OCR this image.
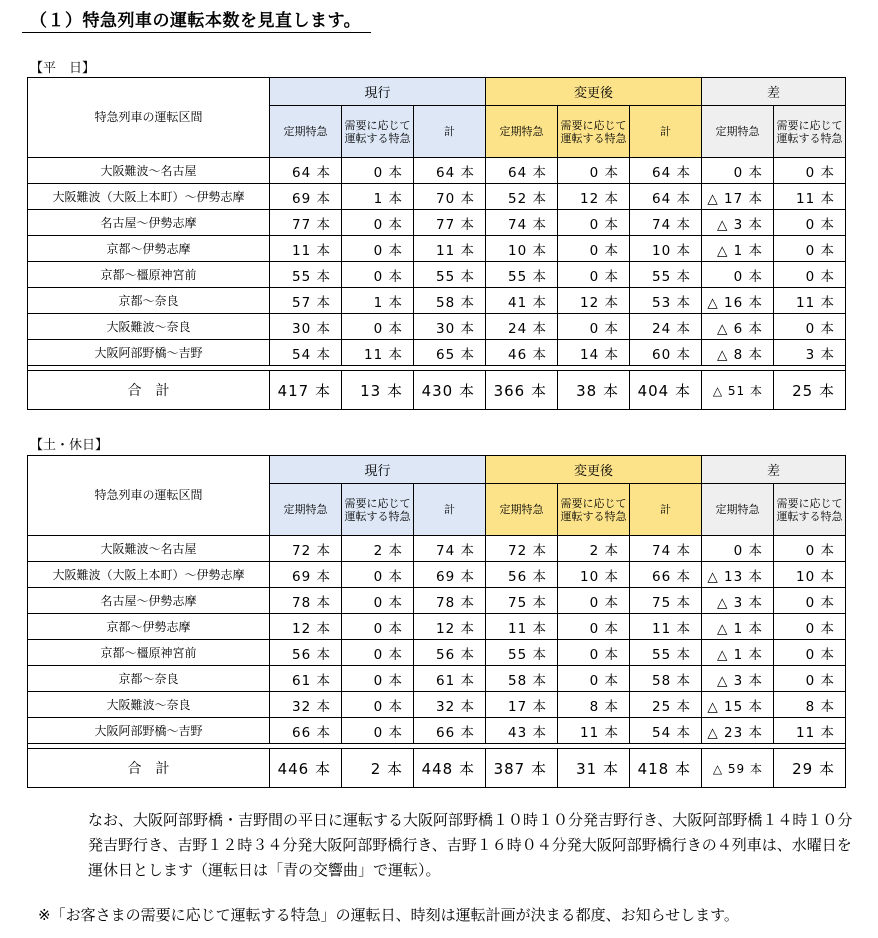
（１）特急列車の運転本数を見直します。
【平　日】
特急列車の運転区間	現行			変更後			差	
	定期特急	需要に応じて運転する特急	計	定期特急	需要に応じて運転する特急	計	定期特急	需要に応じて運転する特急
大阪難波～名古屋	64 本	0 本	64 本	64 本	0 本	64 本	0 本	0 本
大阪難波（大阪上本町）～伊勢志摩	69 本	1 本	70 本	52 本	12 本	64 本	△ 17 本	11 本
名古屋～伊勢志摩	77 本	0 本	77 本	74 本	0 本	74 本	△ 3 本	0 本
京都～伊勢志摩	11 本	0 本	11 本	10 本	0 本	10 本	△ 1 本	0 本
京都～橿原神宮前	55 本	0 本	55 本	55 本	0 本	55 本	0 本	0 本
京都～奈良	57 本	1 本	58 本	41 本	12 本	53 本	△ 16 本	11 本
大阪難波～奈良	30 本	0 本	30 本	24 本	0 本	24 本	△ 6 本	0 本
大阪阿部野橋～吉野	54 本	11 本	65 本	46 本	14 本	60 本	△ 8 本	3 本

合計	417 本	13 本	430 本	366 本	38 本	404 本	△ 51 本	25 本
【土・休日】
特急列車の運転区間	現行			変更後			差	
	定期特急	需要に応じて運転する特急	計	定期特急	需要に応じて運転する特急	計	定期特急	需要に応じて運転する特急
大阪難波～名古屋	72 本	2 本	74 本	72 本	2 本	74 本	0 本	0 本
大阪難波（大阪上本町）～伊勢志摩	69 本	0 本	69 本	56 本	10 本	66 本	△ 13 本	10 本
名古屋～伊勢志摩	78 本	0 本	78 本	75 本	0 本	75 本	△ 3 本	0 本
京都～伊勢志摩	12 本	0 本	12 本	11 本	0 本	11 本	△ 1 本	0 本
京都～橿原神宮前	56 本	0 本	56 本	55 本	0 本	55 本	△ 1 本	0 本
京都～奈良	61 本	0 本	61 本	58 本	0 本	58 本	△ 3 本	0 本
大阪難波～奈良	32 本	0 本	32 本	17 本	8 本	25 本	△ 15 本	8 本
大阪阿部野橋～吉野	66 本	0 本	66 本	43 本	11 本	54 本	△ 23 本	11 本

合計	446 本	2 本	448 本	387 本	31 本	418 本	△ 59 本	29 本
なお、大阪阿部野橋・吉野間の平日に運転する大阪阿部野橋１０時１０分発吉野行き、大阪阿部野橋１４時１０分発吉野行き、吉野１２時３４分発大阪阿部野橋行き、吉野１６時０４分発大阪阿部野橋行きの４列車は、水曜日を運休日とします（運転日は「青の交響曲」で運転）。
※「お客さまの需要に応じて運転する特急」の運転日、時刻は運転計画が決まる都度、お知らせします。
